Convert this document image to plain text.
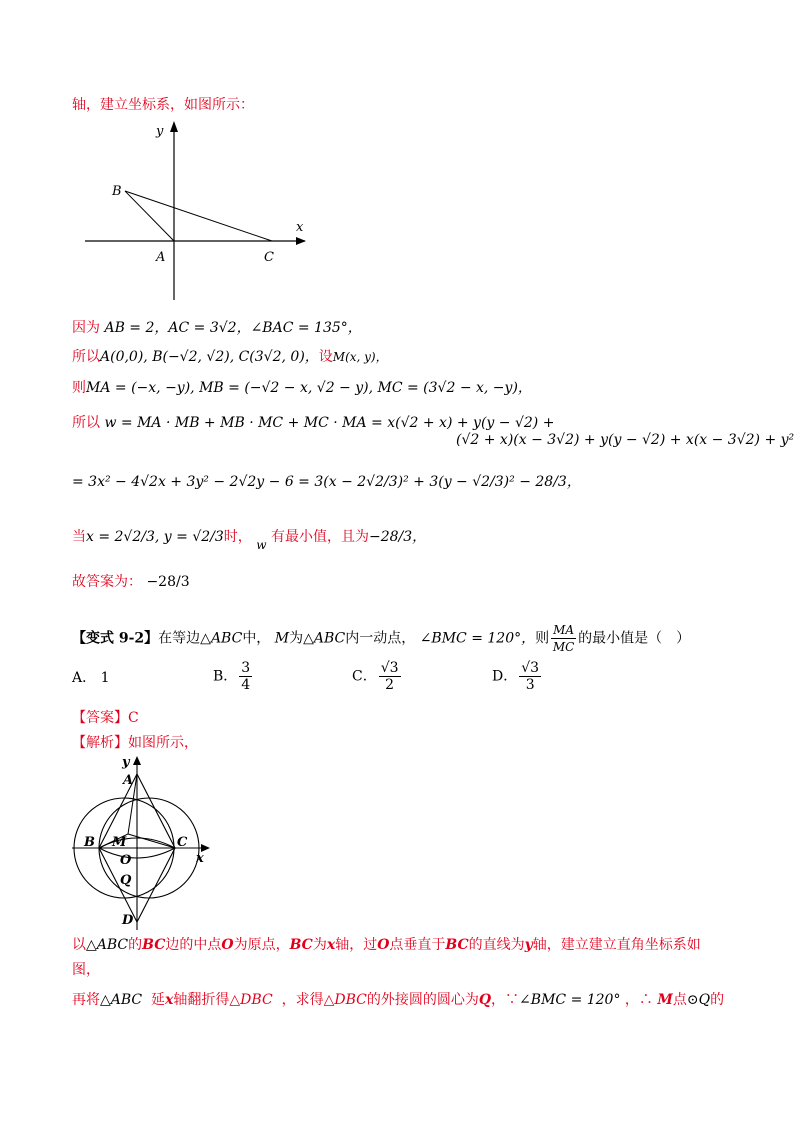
轴，建立坐标系，如图所示：
y
x
B
A	C
因为 AB = 2，AC = 3√2，∠BAC = 135°，
所以A(0,0), B(−√2, √2), C(3√2, 0)，设M(x, y)，
则MA = (−x, −y), MB = (−√2 − x, √2 − y), MC = (3√2 − x, −y)，
所以 w = MA · MB + MB · MC + MC · MA = x(√2 + x) + y(y − √2) +
(√2 + x)(x − 3√2) + y(y − √2) + x(x − 3√2) + y²
= 3x² − 4√2x + 3y² − 2√2y − 6 = 3(x − 2√2/3)² + 3(y − √2/3)² − 28/3，
当x = 2√2/3, y = √2/3时， w 有最小值，且为−28/3，
故答案为： −28/3
【变式 9-2】在等边△ABC中， M为△ABC内一动点， ∠BMC = 120°，则 $\frac{MA}{MC}$ 的最小值是（　）
A． 1	B． $\frac{3}{4}$	C． $\frac{√3}{2}$	D． $\frac{√3}{3}$
【答案】C
【解析】如图所示，
y
A
B M	C
O	x
Q
D
以△ABC的BC边的中点O为原点，BC为x轴，过O点垂直于BC的直线为y轴，建立建立直角坐标系如
图，
再将△ABC 延x轴翻折得△DBC ，求得△DBC的外接圆的圆心为Q，∵∠BMC = 120° ，∴ M点⊙Q的
